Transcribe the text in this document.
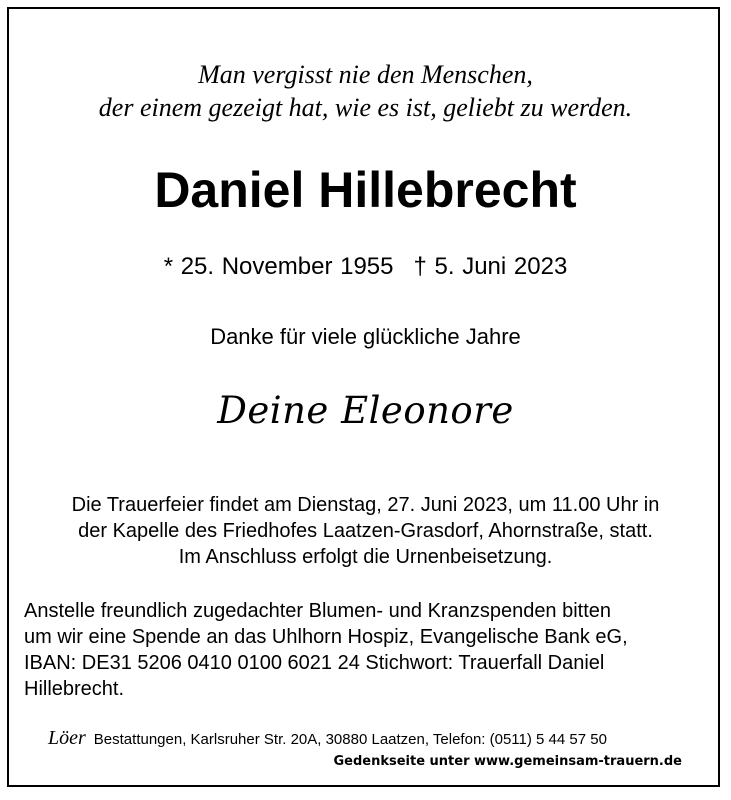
Man vergisst nie den Menschen,
der einem gezeigt hat, wie es ist, geliebt zu werden.
Daniel Hillebrecht
* 25. November 1955 † 5. Juni 2023
Danke für viele glückliche Jahre
Deine Eleonore
Die Trauerfeier findet am Dienstag, 27. Juni 2023, um 11.00 Uhr in
der Kapelle des Friedhofes Laatzen-Grasdorf, Ahornstraße, statt.
Im Anschluss erfolgt die Urnenbeisetzung.
Anstelle freundlich zugedachter Blumen- und Kranzspenden bitten
um wir eine Spende an das Uhlhorn Hospiz, Evangelische Bank eG,
IBAN: DE31 5206 0410 0100 6021 24 Stichwort: Trauerfall Daniel
Hillebrecht.
Löer Bestattungen, Karlsruher Str. 20A, 30880 Laatzen, Telefon: (0511) 5 44 57 50
Gedenkseite unter www.gemeinsam-trauern.de
